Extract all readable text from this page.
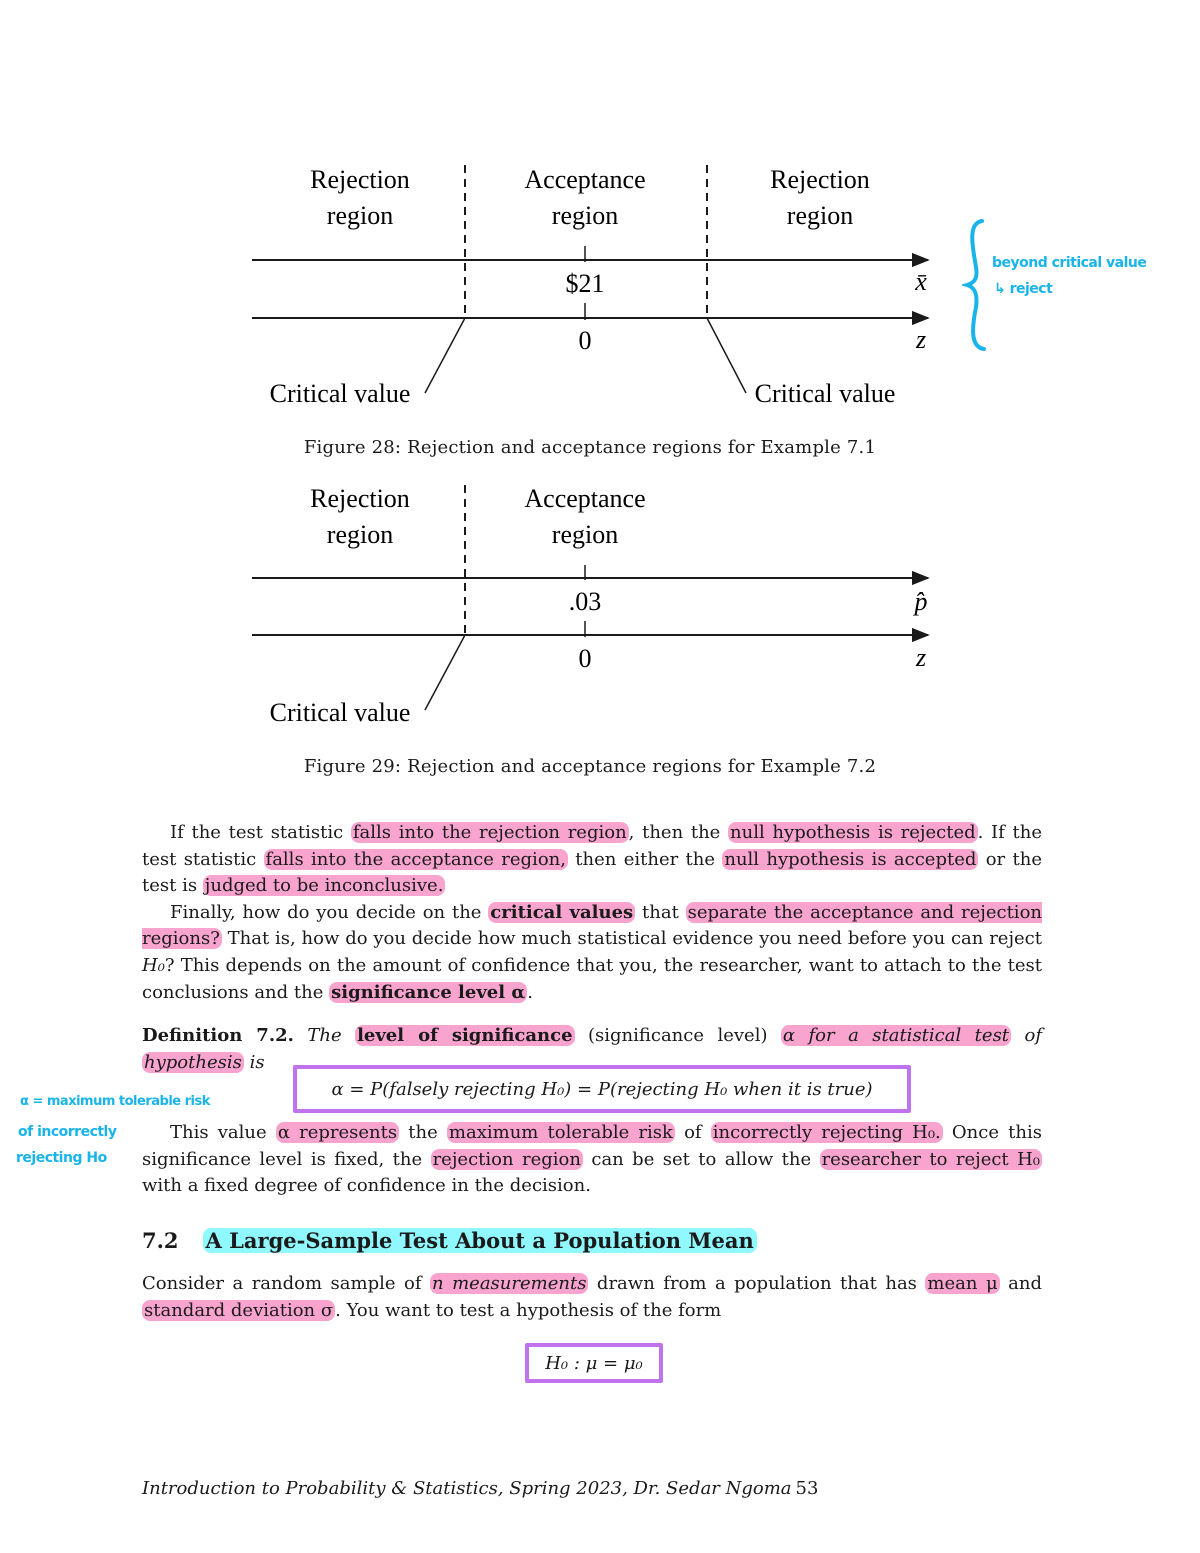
Rejection
region
Acceptance
region
Rejection
region
$21
0
x̄
z
Critical value	Critical value
Figure 28: Rejection and acceptance regions for Example 7.1
Rejection
region
Acceptance
region
.03
0
p̂
z
Critical value
Figure 29: Rejection and acceptance regions for Example 7.2

If the test statistic falls into the rejection region , then the null hypothesis is rejected . If the test statistic falls into the acceptance region, then either the null hypothesis is accepted or the test is judged to be inconclusive.

Finally, how do you decide on the critical values that separate the acceptance and rejection regions? That is, how do you decide how much statistical evidence you need before you can reject H₀? This depends on the amount of confidence that you, the researcher, want to attach to the test conclusions and the significance level α .

Definition 7.2. The level of significance (significance level) α for a statistical test of hypothesis is

α = P(falsely rejecting H₀) = P(rejecting H₀ when it is true)

This value α represents the maximum tolerable risk of incorrectly rejecting H₀. Once this significance level is fixed, the rejection region can be set to allow the researcher to reject H₀ with a fixed degree of confidence in the decision.

7.2 A Large-Sample Test About a Population Mean

Consider a random sample of n measurements drawn from a population that has mean μ and standard deviation σ . You want to test a hypothesis of the form

H₀ : μ = μ₀
Introduction to Probability & Statistics, Spring 2023, Dr. Sedar Ngoma 53
beyond critical value
↳ reject
α = maximum tolerable risk
of incorrectly
rejecting Ho
